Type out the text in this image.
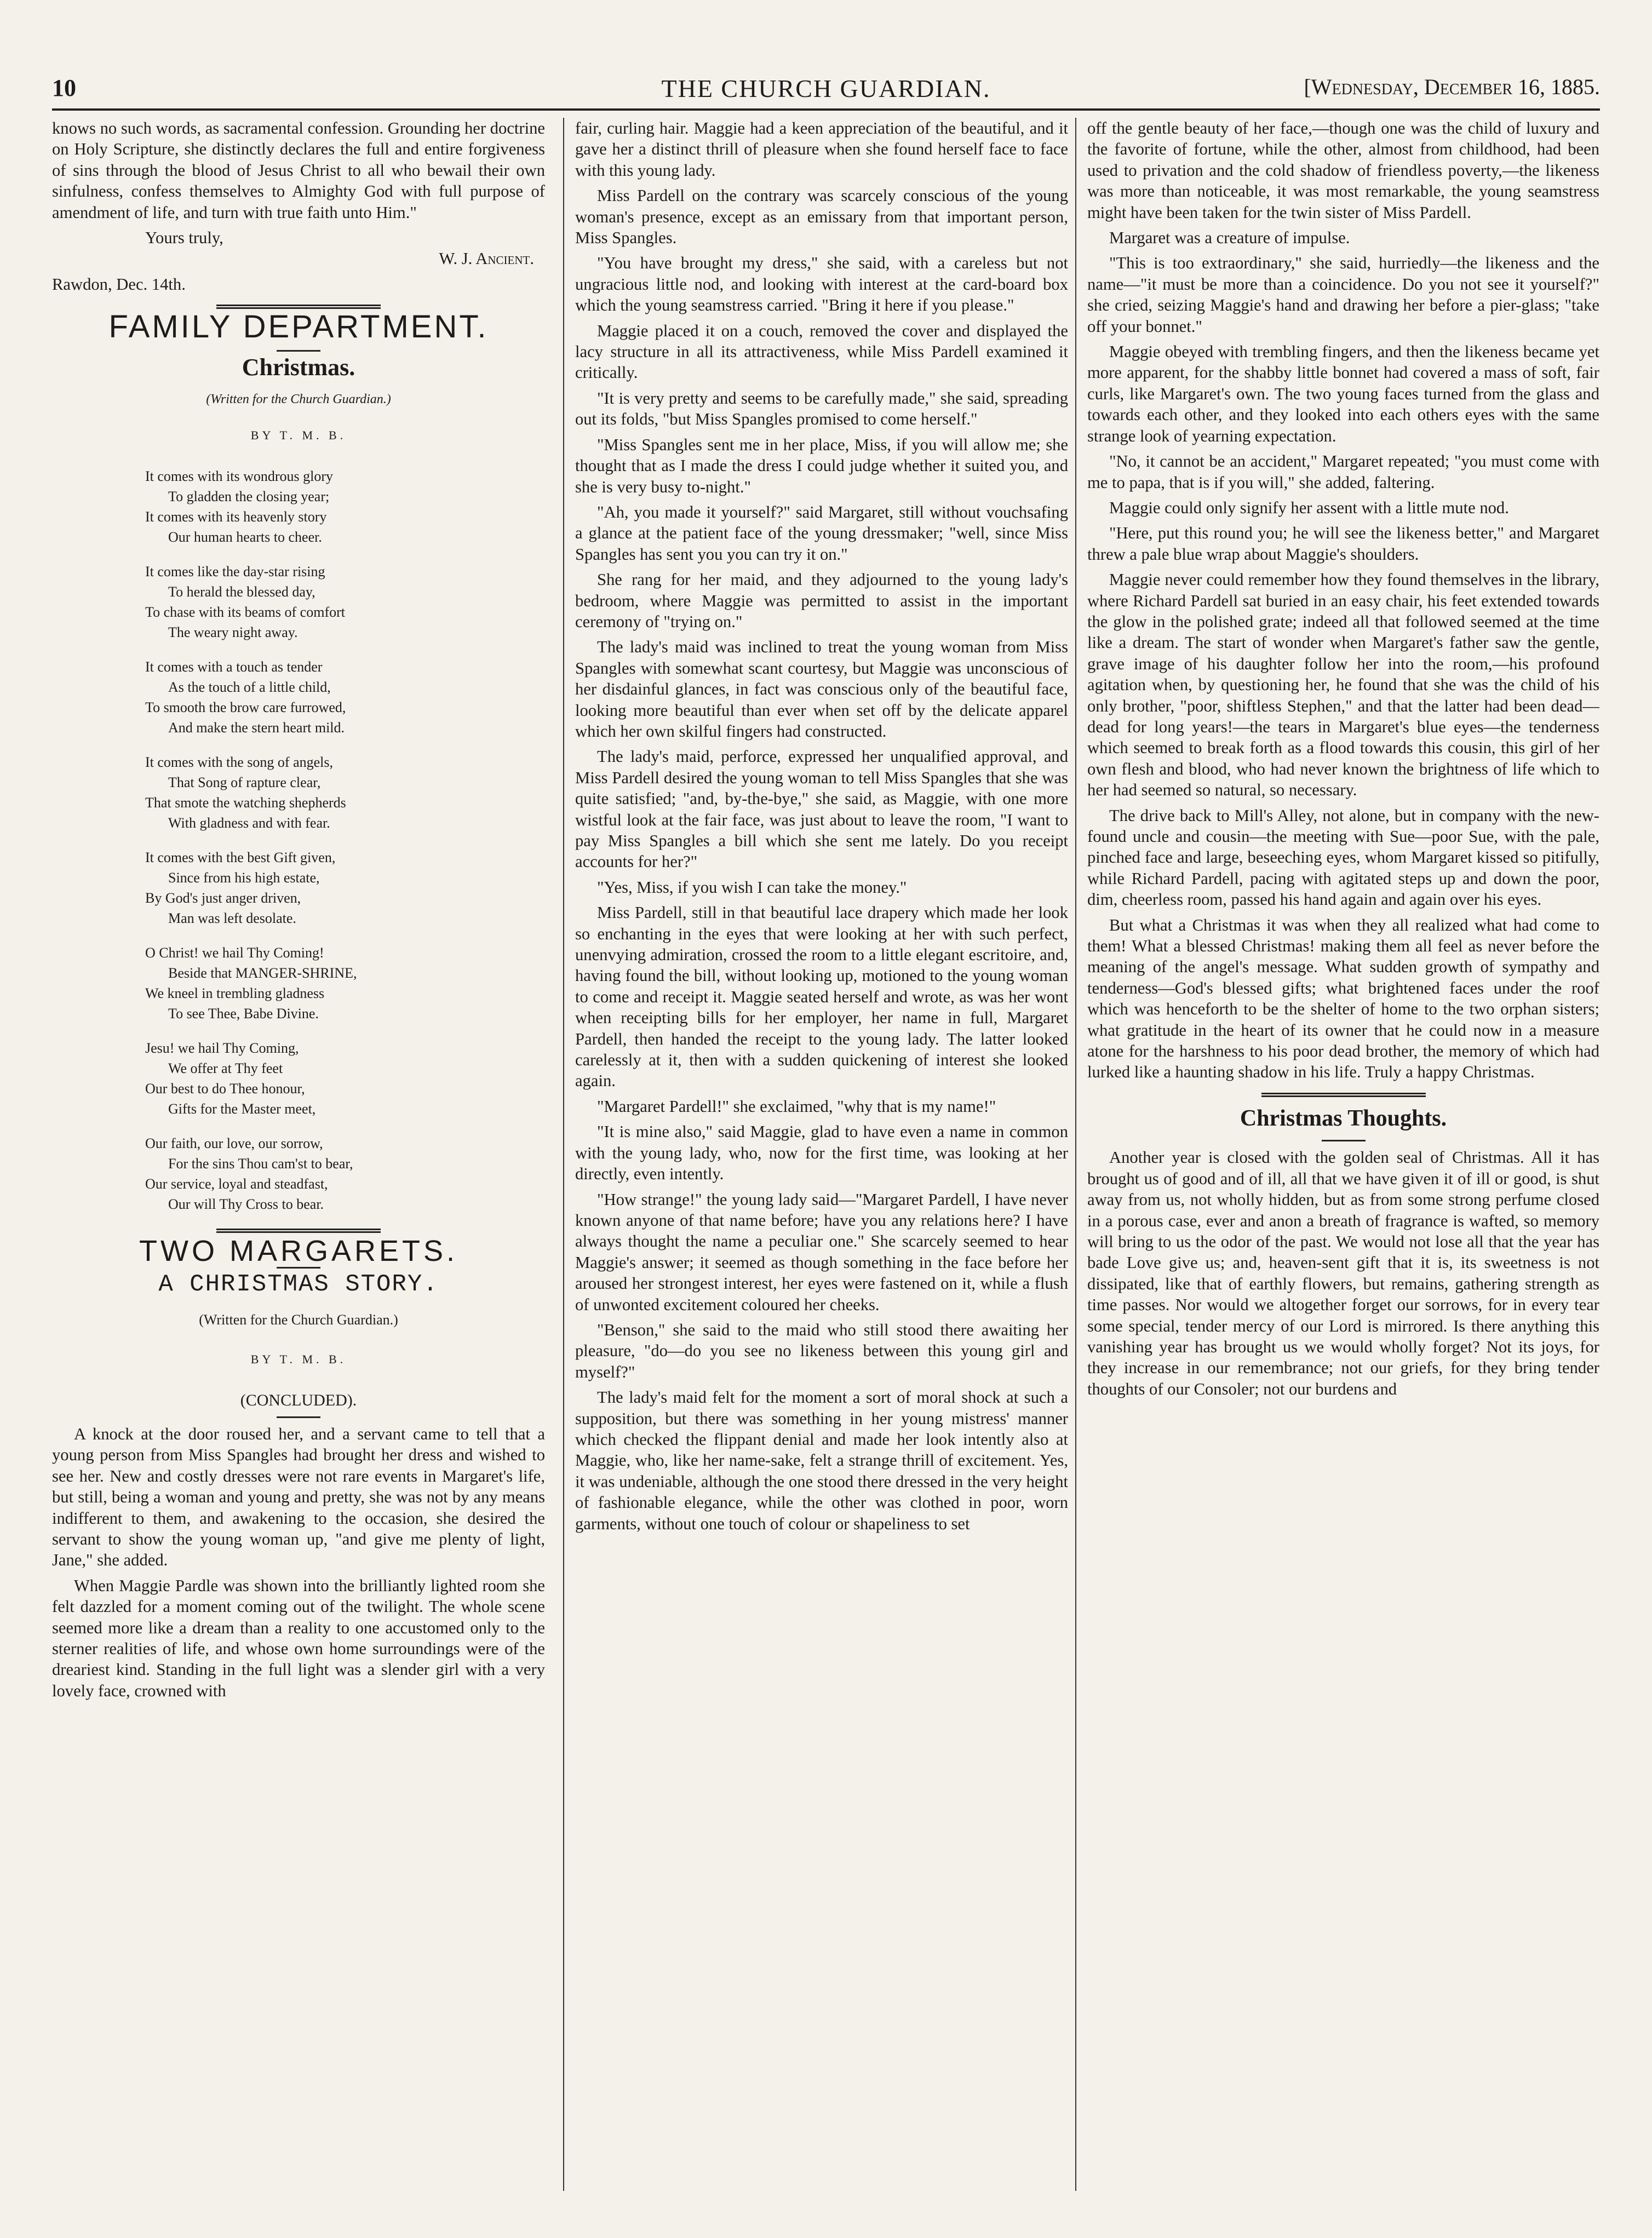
10	THE CHURCH GUARDIAN.	[Wednesday, December 16, 1885.

knows no such words, as sacramental confession. Grounding her doctrine on Holy Scripture, she distinctly declares the full and entire forgiveness of sins through the blood of Jesus Christ to all who bewail their own sinfulness, confess themselves to Almighty God with full purpose of amendment of life, and turn with true faith unto Him."

Yours truly,
W. J. Ancient.
Rawdon, Dec. 14th.
FAMILY DEPARTMENT.
Christmas.
(Written for the Church Guardian.)
BY T. M. B.
It comes with its wondrous glory
To gladden the closing year;
It comes with its heavenly story
Our human hearts to cheer.
It comes like the day-star rising
To herald the blessed day,
To chase with its beams of comfort
The weary night away.
It comes with a touch as tender
As the touch of a little child,
To smooth the brow care furrowed,
And make the stern heart mild.
It comes with the song of angels,
That Song of rapture clear,
That smote the watching shepherds
With gladness and with fear.
It comes with the best Gift given,
Since from his high estate,
By God's just anger driven,
Man was left desolate.
O Christ! we hail Thy Coming!
Beside that MANGER-SHRINE,
We kneel in trembling gladness
To see Thee, Babe Divine.
Jesu! we hail Thy Coming,
We offer at Thy feet
Our best to do Thee honour,
Gifts for the Master meet,
Our faith, our love, our sorrow,
For the sins Thou cam'st to bear,
Our service, loyal and steadfast,
Our will Thy Cross to bear.
TWO MARGARETS.
A CHRISTMAS STORY.
(Written for the Church Guardian.)
BY T. M. B.
(CONCLUDED).

A knock at the door roused her, and a servant came to tell that a young person from Miss Spangles had brought her dress and wished to see her. New and costly dresses were not rare events in Margaret's life, but still, being a woman and young and pretty, she was not by any means indifferent to them, and awakening to the occasion, she desired the servant to show the young woman up, "and give me plenty of light, Jane," she added.

When Maggie Pardle was shown into the brilliantly lighted room she felt dazzled for a moment coming out of the twilight. The whole scene seemed more like a dream than a reality to one accustomed only to the sterner realities of life, and whose own home surroundings were of the dreariest kind. Standing in the full light was a slender girl with a very lovely face, crowned with

fair, curling hair. Maggie had a keen appreciation of the beautiful, and it gave her a distinct thrill of pleasure when she found herself face to face with this young lady.

Miss Pardell on the contrary was scarcely conscious of the young woman's presence, except as an emissary from that important person, Miss Spangles.

"You have brought my dress," she said, with a careless but not ungracious little nod, and looking with interest at the card-board box which the young seamstress carried. "Bring it here if you please."

Maggie placed it on a couch, removed the cover and displayed the lacy structure in all its attractiveness, while Miss Pardell examined it critically.

"It is very pretty and seems to be carefully made," she said, spreading out its folds, "but Miss Spangles promised to come herself."

"Miss Spangles sent me in her place, Miss, if you will allow me; she thought that as I made the dress I could judge whether it suited you, and she is very busy to-night."

"Ah, you made it yourself?" said Margaret, still without vouchsafing a glance at the patient face of the young dressmaker; "well, since Miss Spangles has sent you you can try it on."

She rang for her maid, and they adjourned to the young lady's bedroom, where Maggie was permitted to assist in the important ceremony of "trying on."

The lady's maid was inclined to treat the young woman from Miss Spangles with somewhat scant courtesy, but Maggie was unconscious of her disdainful glances, in fact was conscious only of the beautiful face, looking more beautiful than ever when set off by the delicate apparel which her own skilful fingers had constructed.

The lady's maid, perforce, expressed her unqualified approval, and Miss Pardell desired the young woman to tell Miss Spangles that she was quite satisfied; "and, by-the-bye," she said, as Maggie, with one more wistful look at the fair face, was just about to leave the room, "I want to pay Miss Spangles a bill which she sent me lately. Do you receipt accounts for her?"

"Yes, Miss, if you wish I can take the money."

Miss Pardell, still in that beautiful lace drapery which made her look so enchanting in the eyes that were looking at her with such perfect, unenvying admiration, crossed the room to a little elegant escritoire, and, having found the bill, without looking up, motioned to the young woman to come and receipt it. Maggie seated herself and wrote, as was her wont when receipting bills for her employer, her name in full, Margaret Pardell, then handed the receipt to the young lady. The latter looked carelessly at it, then with a sudden quickening of interest she looked again.

"Margaret Pardell!" she exclaimed, "why that is my name!"

"It is mine also," said Maggie, glad to have even a name in common with the young lady, who, now for the first time, was looking at her directly, even intently.

"How strange!" the young lady said—"Margaret Pardell, I have never known anyone of that name before; have you any relations here? I have always thought the name a peculiar one." She scarcely seemed to hear Maggie's answer; it seemed as though something in the face before her aroused her strongest interest, her eyes were fastened on it, while a flush of unwonted excitement coloured her cheeks.

"Benson," she said to the maid who still stood there awaiting her pleasure, "do—do you see no likeness between this young girl and myself?"

The lady's maid felt for the moment a sort of moral shock at such a supposition, but there was something in her young mistress' manner which checked the flippant denial and made her look intently also at Maggie, who, like her name-sake, felt a strange thrill of excitement. Yes, it was undeniable, although the one stood there dressed in the very height of fashionable elegance, while the other was clothed in poor, worn garments, without one touch of colour or shapeliness to set

off the gentle beauty of her face,—though one was the child of luxury and the favorite of fortune, while the other, almost from childhood, had been used to privation and the cold shadow of friendless poverty,—the likeness was more than noticeable, it was most remarkable, the young seamstress might have been taken for the twin sister of Miss Pardell.

Margaret was a creature of impulse.

"This is too extraordinary," she said, hurriedly—the likeness and the name—"it must be more than a coincidence. Do you not see it yourself?" she cried, seizing Maggie's hand and drawing her before a pier-glass; "take off your bonnet."

Maggie obeyed with trembling fingers, and then the likeness became yet more apparent, for the shabby little bonnet had covered a mass of soft, fair curls, like Margaret's own. The two young faces turned from the glass and towards each other, and they looked into each others eyes with the same strange look of yearning expectation.

"No, it cannot be an accident," Margaret repeated; "you must come with me to papa, that is if you will," she added, faltering.

Maggie could only signify her assent with a little mute nod.

"Here, put this round you; he will see the likeness better," and Margaret threw a pale blue wrap about Maggie's shoulders.

Maggie never could remember how they found themselves in the library, where Richard Pardell sat buried in an easy chair, his feet extended towards the glow in the polished grate; indeed all that followed seemed at the time like a dream. The start of wonder when Margaret's father saw the gentle, grave image of his daughter follow her into the room,—his profound agitation when, by questioning her, he found that she was the child of his only brother, "poor, shiftless Stephen," and that the latter had been dead—dead for long years!—the tears in Margaret's blue eyes—the tenderness which seemed to break forth as a flood towards this cousin, this girl of her own flesh and blood, who had never known the brightness of life which to her had seemed so natural, so necessary.

The drive back to Mill's Alley, not alone, but in company with the new-found uncle and cousin—the meeting with Sue—poor Sue, with the pale, pinched face and large, beseeching eyes, whom Margaret kissed so pitifully, while Richard Pardell, pacing with agitated steps up and down the poor, dim, cheerless room, passed his hand again and again over his eyes.

But what a Christmas it was when they all realized what had come to them! What a blessed Christmas! making them all feel as never before the meaning of the angel's message. What sudden growth of sympathy and tenderness—God's blessed gifts; what brightened faces under the roof which was henceforth to be the shelter of home to the two orphan sisters; what gratitude in the heart of its owner that he could now in a measure atone for the harshness to his poor dead brother, the memory of which had lurked like a haunting shadow in his life. Truly a happy Christmas.

Christmas Thoughts.

Another year is closed with the golden seal of Christmas. All it has brought us of good and of ill, all that we have given it of ill or good, is shut away from us, not wholly hidden, but as from some strong perfume closed in a porous case, ever and anon a breath of fragrance is wafted, so memory will bring to us the odor of the past. We would not lose all that the year has bade Love give us; and, heaven-sent gift that it is, its sweetness is not dissipated, like that of earthly flowers, but remains, gathering strength as time passes. Nor would we altogether forget our sorrows, for in every tear some special, tender mercy of our Lord is mirrored. Is there anything this vanishing year has brought us we would wholly forget? Not its joys, for they increase in our remembrance; not our griefs, for they bring tender thoughts of our Consoler; not our burdens and
